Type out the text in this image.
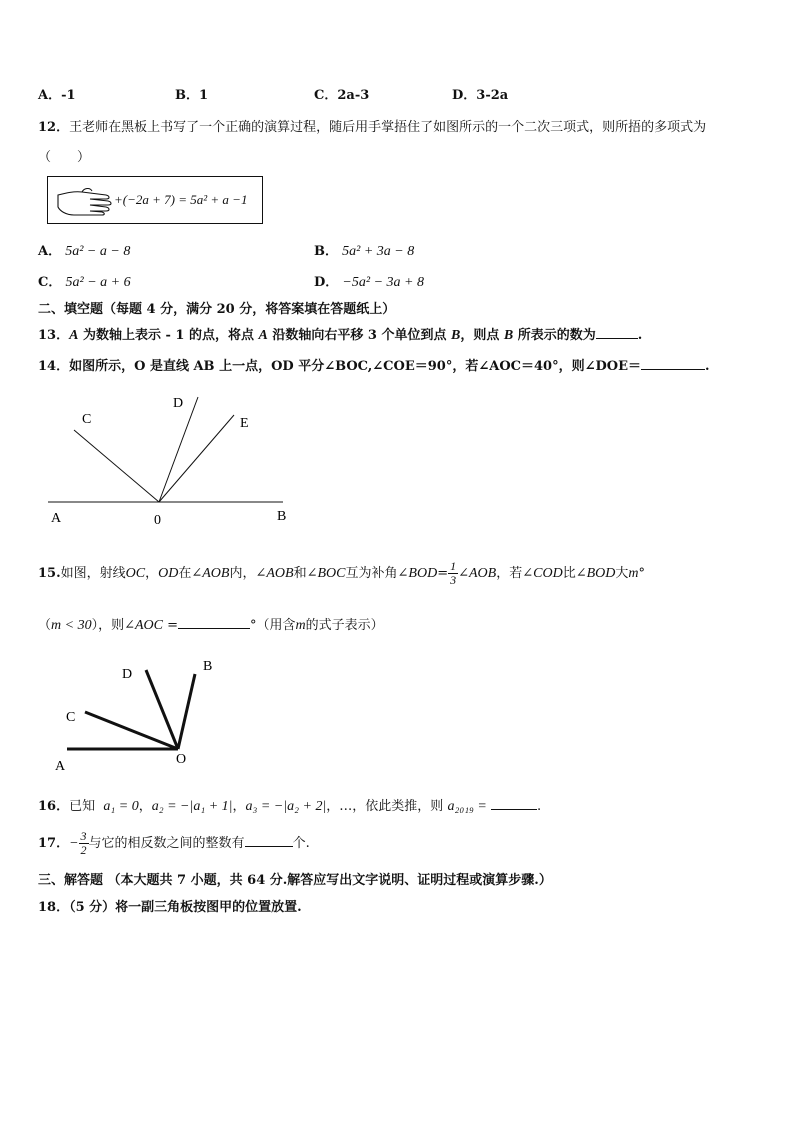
A．-1	B．1	C．2a-3	D．3-2a
12．王老师在黑板上书写了一个正确的演算过程，随后用手掌捂住了如图所示的一个二次三项式，则所捂的多项式为
（　　）
+(−2a + 7) = 5a² + a −1
A． 5a² − a − 8	B． 5a² + 3a − 8
C． 5a² − a + 6	D． −5a² − 3a + 8
二、填空题（每题 4 分，满分 20 分，将答案填在答题纸上）
13．A 为数轴上表示 - 1 的点，将点 A 沿数轴向右平移 3 个单位到点 B，则点 B 所表示的数为	.
14．如图所示，O 是直线 AB 上一点，OD 平分∠BOC,∠COE＝90°，若∠AOC＝40°，则∠DOE＝	.
A	0	B
C
D
E
15.如图，射线OC，OD在∠AOB内，∠AOB和∠BOC互为补角∠BOD= $\frac{1}{3}$ ∠AOB，若∠COD比∠BOD大m°
（m < 30），则∠AOC =	°（用含m的式子表示）
A	O
B
C
D
16．已知 a₁ = 0，a₂ = −|a₁ + 1|，a₃ = −|a₂ + 2|，…，依此类推，则 a₂₀₁₉ =	.
17．− $\frac{3}{2}$ 与它的相反数之间的整数有	个.
三、解答题 （本大题共 7 小题，共 64 分.解答应写出文字说明、证明过程或演算步骤.）
18．（5 分）将一副三角板按图甲的位置放置.
